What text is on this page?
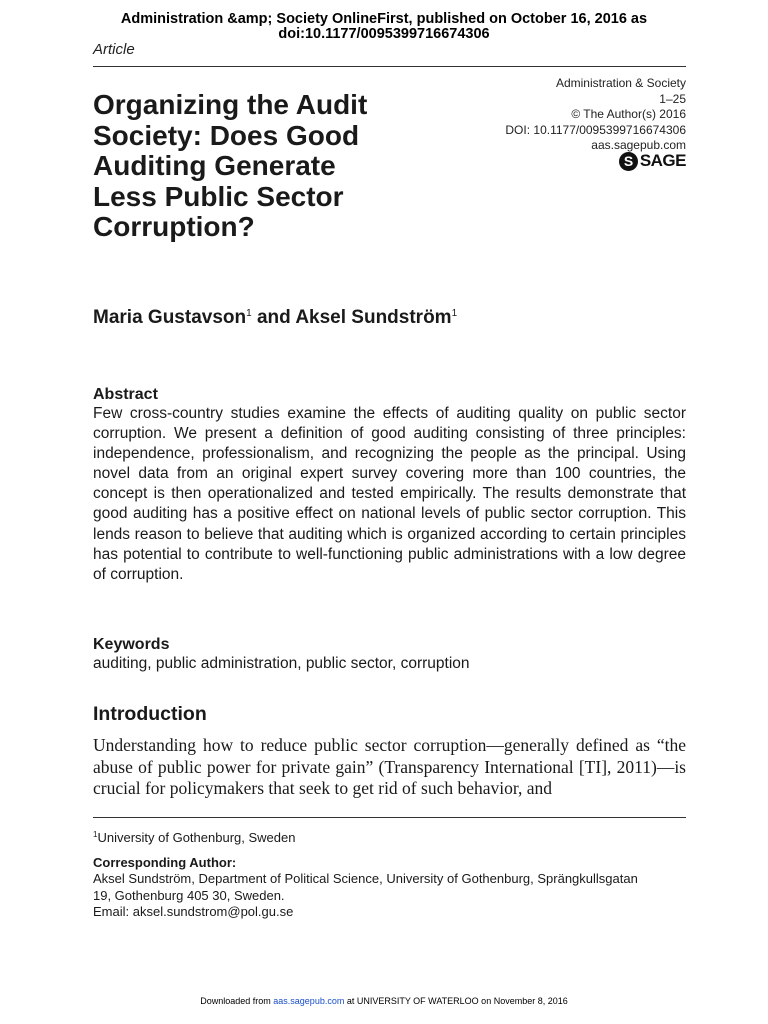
Administration &amp; Society OnlineFirst, published on October 16, 2016 as
doi:10.1177/0095399716674306
Article
Administration & Society
1–25
© The Author(s) 2016
DOI: 10.1177/0095399716674306
aas.sagepub.com
S SAGE
Organizing the Audit
Society: Does Good
Auditing Generate
Less Public Sector
Corruption?

Maria Gustavson$^1$ and Aksel Sundström$^1$

Abstract

Few cross-country studies examine the effects of auditing quality on public sector corruption. We present a definition of good auditing consisting of three principles: independence, professionalism, and recognizing the people as the principal. Using novel data from an original expert survey covering more than 100 countries, the concept is then operationalized and tested empirically. The results demonstrate that good auditing has a positive effect on national levels of public sector corruption. This lends reason to believe that auditing which is organized according to certain principles has potential to contribute to well-functioning public administrations with a low degree of corruption.

Keywords

auditing, public administration, public sector, corruption

Introduction

Understanding how to reduce public sector corruption—generally defined as “the abuse of public power for private gain” (Transparency International [TI], 2011)—is crucial for policymakers that seek to get rid of such behavior, and

$^1$University of Gothenburg, Sweden

Corresponding Author:

Aksel Sundström, Department of Political Science, University of Gothenburg, Sprängkullsgatan
19, Gothenburg 405 30, Sweden.
Email: aksel.sundstrom@pol.gu.se
Downloaded from aas.sagepub.com at UNIVERSITY OF WATERLOO on November 8, 2016
